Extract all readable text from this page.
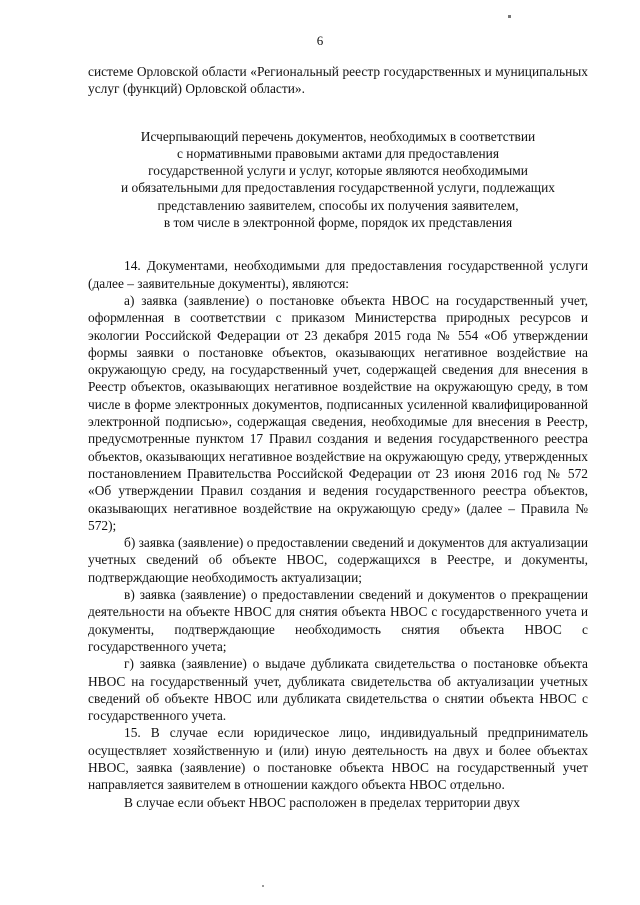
6

системе Орловской области «Региональный реестр государственных и муниципальных услуг (функций) Орловской области».

Исчерпывающий перечень документов, необходимых в соответствии
с нормативными правовыми актами для предоставления
государственной услуги и услуг, которые являются необходимыми
и обязательными для предоставления государственной услуги, подлежащих
представлению заявителем, способы их получения заявителем,
в том числе в электронной форме, порядок их представления

14. Документами, необходимыми для предоставления государственной услуги (далее – заявительные документы), являются:

а) заявка (заявление) о постановке объекта НВОС на государственный учет, оформленная в соответствии с приказом Министерства природных ресурсов и экологии Российской Федерации от 23 декабря 2015 года № 554 «Об утверждении формы заявки о постановке объектов, оказывающих негативное воздействие на окружающую среду, на государственный учет, содержащей сведения для внесения в Реестр объектов, оказывающих негативное воздействие на окружающую среду, в том числе в форме электронных документов, подписанных усиленной квалифицированной электронной подписью», содержащая сведения, необходимые для внесения в Реестр, предусмотренные пунктом 17 Правил создания и ведения государственного реестра объектов, оказывающих негативное воздействие на окружающую среду, утвержденных постановлением Правительства Российской Федерации от 23 июня 2016 год № 572 «Об утверждении Правил создания и ведения государственного реестра объектов, оказывающих негативное воздействие на окружающую среду» (далее – Правила № 572);

б) заявка (заявление) о предоставлении сведений и документов для актуализации учетных сведений об объекте НВОС, содержащихся в Реестре, и документы, подтверждающие необходимость актуализации;

в) заявка (заявление) о предоставлении сведений и документов о прекращении деятельности на объекте НВОС для снятия объекта НВОС с государственного учета и документы, подтверждающие необходимость снятия объекта НВОС с государственного учета;

г) заявка (заявление) о выдаче дубликата свидетельства о постановке объекта НВОС на государственный учет, дубликата свидетельства об актуализации учетных сведений об объекте НВОС или дубликата свидетельства о снятии объекта НВОС с государственного учета.

15. В случае если юридическое лицо, индивидуальный предприниматель осуществляет хозяйственную и (или) иную деятельность на двух и более объектах НВОС, заявка (заявление) о постановке объекта НВОС на государственный учет направляется заявителем в отношении каждого объекта НВОС отдельно.

В случае если объект НВОС расположен в пределах территории двух
